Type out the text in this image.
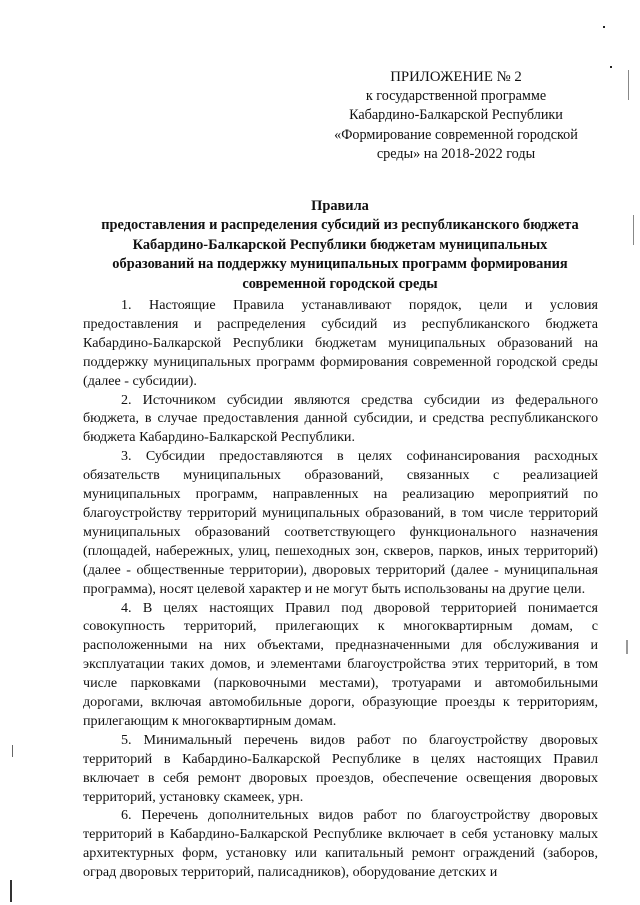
ПРИЛОЖЕНИЕ № 2
к государственной программе
Кабардино-Балкарской Республики
«Формирование современной городской
среды» на 2018-2022 годы
Правила
предоставления и распределения субсидий из республиканского бюджета
Кабардино-Балкарской Республики бюджетам муниципальных
образований на поддержку муниципальных программ формирования
современной городской среды

1. Настоящие Правила устанавливают порядок, цели и условия предоставления и распределения субсидий из республиканского бюджета Кабардино-Балкарской Республики бюджетам муниципальных образований на поддержку муниципальных программ формирования современной городской среды (далее - субсидии).

2. Источником субсидии являются средства субсидии из федерального бюджета, в случае предоставления данной субсидии, и средства республиканского бюджета Кабардино-Балкарской Республики.

3. Субсидии предоставляются в целях софинансирования расходных обязательств муниципальных образований, связанных с реализацией муниципальных программ, направленных на реализацию мероприятий по благоустройству территорий муниципальных образований, в том числе территорий муниципальных образований соответствующего функционального назначения (площадей, набережных, улиц, пешеходных зон, скверов, парков, иных территорий) (далее - общественные территории), дворовых территорий (далее - муниципальная программа), носят целевой характер и не могут быть использованы на другие цели.

4. В целях настоящих Правил под дворовой территорией понимается совокупность территорий, прилегающих к многоквартирным домам, с расположенными на них объектами, предназначенными для обслуживания и эксплуатации таких домов, и элементами благоустройства этих территорий, в том числе парковками (парковочными местами), тротуарами и автомобильными дорогами, включая автомобильные дороги, образующие проезды к территориям, прилегающим к многоквартирным домам.

5. Минимальный перечень видов работ по благоустройству дворовых территорий в Кабардино-Балкарской Республике в целях настоящих Правил включает в себя ремонт дворовых проездов, обеспечение освещения дворовых территорий, установку скамеек, урн.

6. Перечень дополнительных видов работ по благоустройству дворовых территорий в Кабардино-Балкарской Республике включает в себя установку малых архитектурных форм, установку или капитальный ремонт ограждений (заборов, оград дворовых территорий, палисадников), оборудование детских и
